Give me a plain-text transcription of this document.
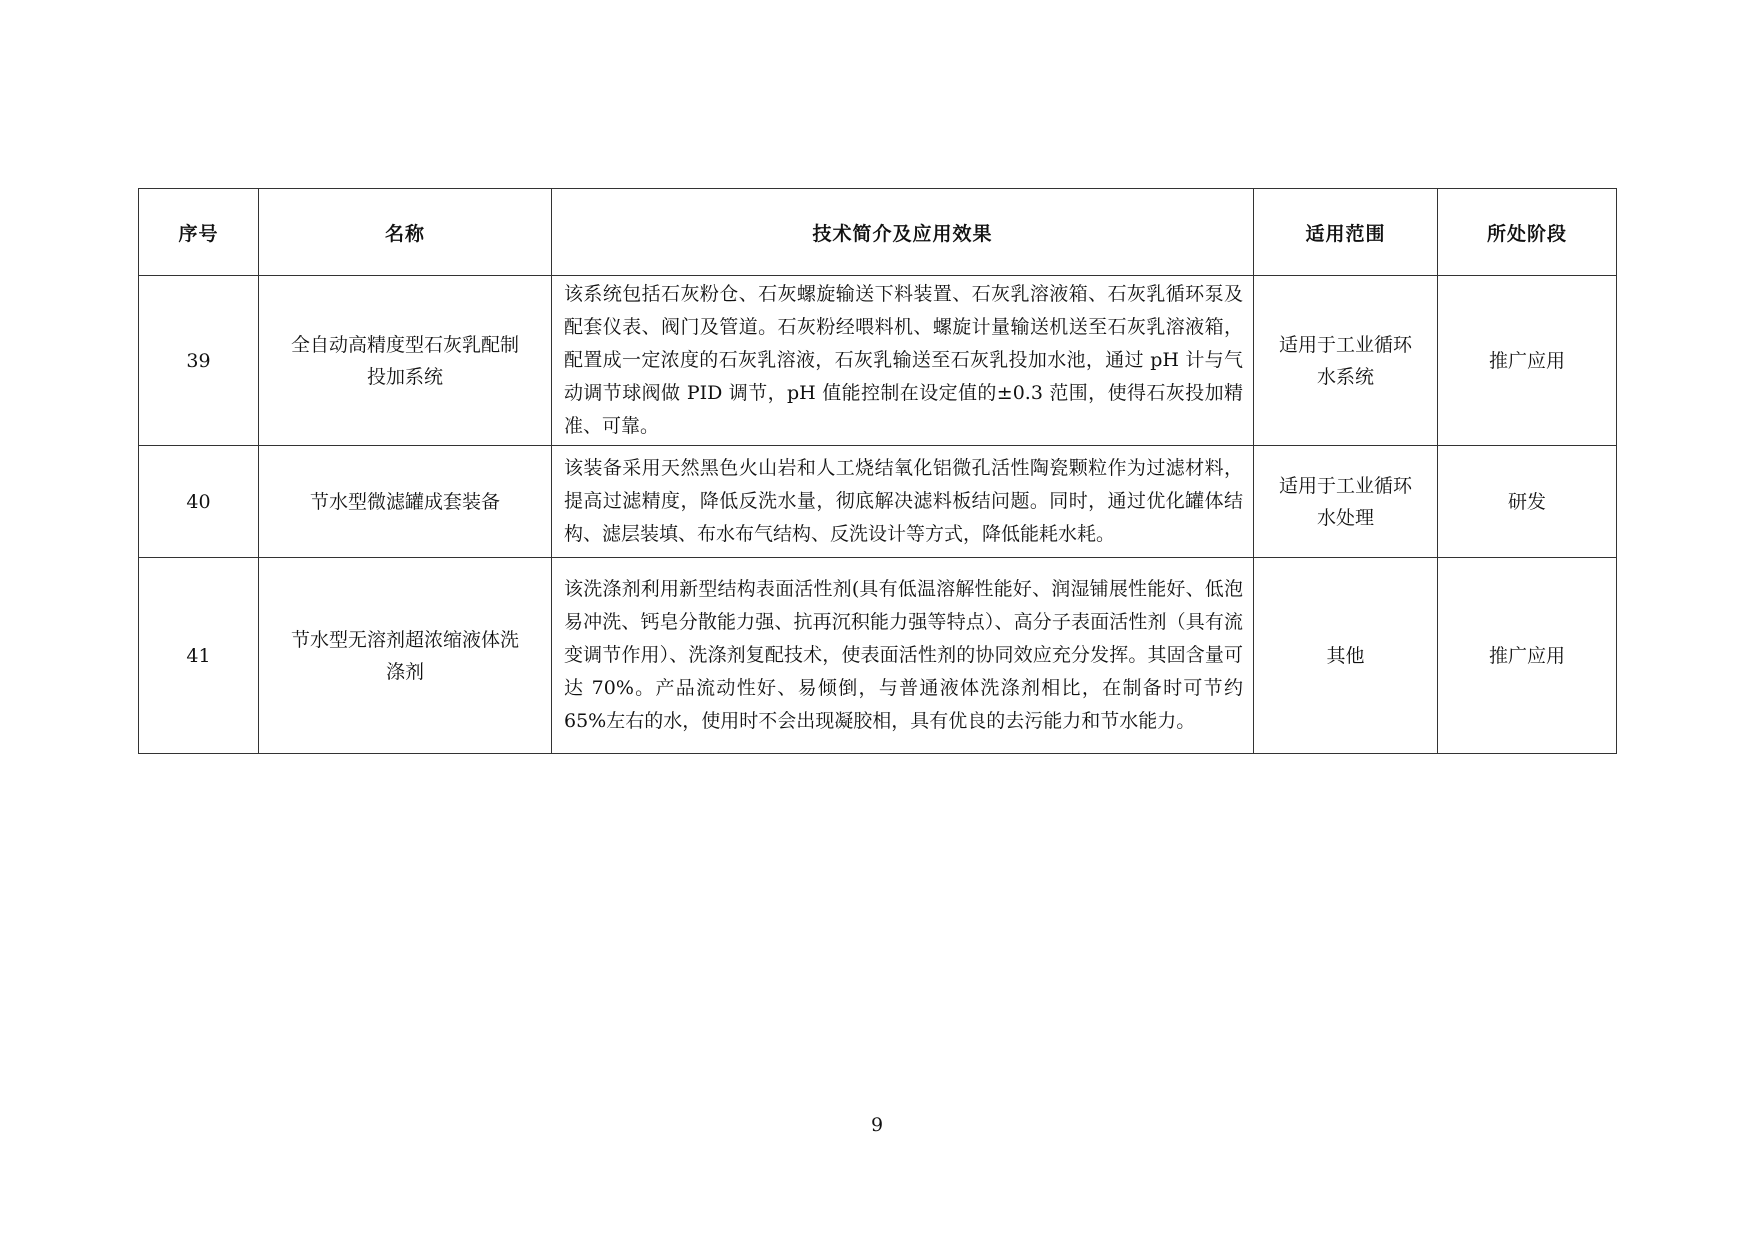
序号	名称	技术简介及应用效果	适用范围	所处阶段
39	全自动高精度型石灰乳配制投加系统	该系统包括石灰粉仓、石灰螺旋输送下料装置、石灰乳溶液箱、石灰乳循环泵及配套仪表、阀门及管道。石灰粉经喂料机、螺旋计量输送机送至石灰乳溶液箱，配置成一定浓度的石灰乳溶液，石灰乳输送至石灰乳投加水池，通过 pH 计与气动调节球阀做 PID 调节，pH 值能控制在设定值的±0.3 范围，使得石灰投加精准、可靠。	适用于工业循环水系统	推广应用
40	节水型微滤罐成套装备	该装备采用天然黑色火山岩和人工烧结氧化铝微孔活性陶瓷颗粒作为过滤材料，提高过滤精度，降低反洗水量，彻底解决滤料板结问题。同时，通过优化罐体结构、滤层装填、布水布气结构、反洗设计等方式，降低能耗水耗。	适用于工业循环水处理	研发
41	节水型无溶剂超浓缩液体洗涤剂	该洗涤剂利用新型结构表面活性剂(具有低温溶解性能好、润湿铺展性能好、低泡易冲洗、钙皂分散能力强、抗再沉积能力强等特点）、高分子表面活性剂（具有流变调节作用）、洗涤剂复配技术，使表面活性剂的协同效应充分发挥。其固含量可达 70%。产品流动性好、易倾倒，与普通液体洗涤剂相比，在制备时可节约 65%左右的水，使用时不会出现凝胶相，具有优良的去污能力和节水能力。	其他	推广应用
9
